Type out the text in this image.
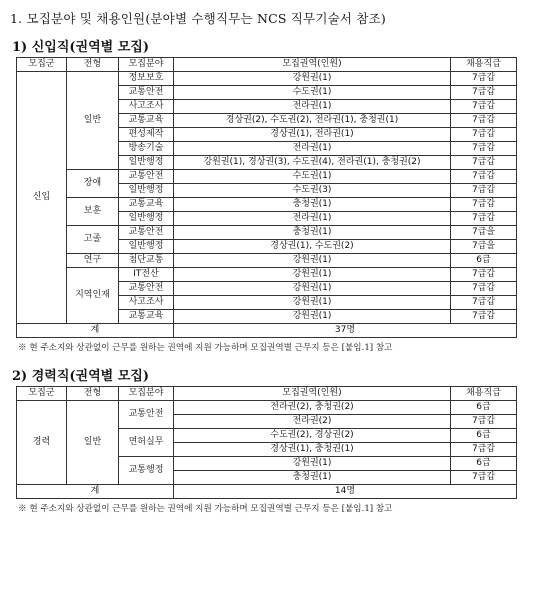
1. 모집분야 및 채용인원(분야별 수행직무는 NCS 직무기술서 참조)
1) 신입직(권역별 모집)
모집군	전형	모집분야	모집권역(인원)	채용직급
신입	일반	정보보호	강원권(1)	7급갑
		교통안전	수도권(1)	7급갑
		사고조사	전라권(1)	7급갑
		교통교육	경상권(2), 수도권(2), 전라권(1), 충청권(1)	7급갑
		편성제작	경상권(1), 전라권(1)	7급갑
		방송기술	전라권(1)	7급갑
		일반행정	강원권(1), 경상권(3), 수도권(4), 전라권(1), 충청권(2)	7급갑
	장애	교통안전	수도권(1)	7급갑
		일반행정	수도권(3)	7급갑
	보훈	교통교육	충청권(1)	7급갑
		일반행정	전라권(1)	7급갑
	고졸	교통안전	충청권(1)	7급을
		일반행정	경상권(1), 수도권(2)	7급을
	연구	첨단교통	강원권(1)	6급
	지역인재	IT전산	강원권(1)	7급갑
		교통안전	강원권(1)	7급갑
		사고조사	강원권(1)	7급갑
		교통교육	강원권(1)	7급갑
계			37명	
※ 현 주소지와 상관없이 근무를 원하는 권역에 지원 가능하며 모집권역별 근무지 등은 [붙임.1] 참고
2) 경력직(권역별 모집)
모집군	전형	모집분야	모집권역(인원)	채용직급
경력	일반	교통안전	전라권(2), 충청권(2)	6급
			전라권(2)	7급갑
		면허실무	수도권(2), 경상권(2)	6급
			경상권(1), 충청권(1)	7급갑
		교통행정	강원권(1)	6급
			충청권(1)	7급갑
계			14명	
※ 현 주소지와 상관없이 근무를 원하는 권역에 지원 가능하며 모집권역별 근무지 등은 [붙임.1] 참고
